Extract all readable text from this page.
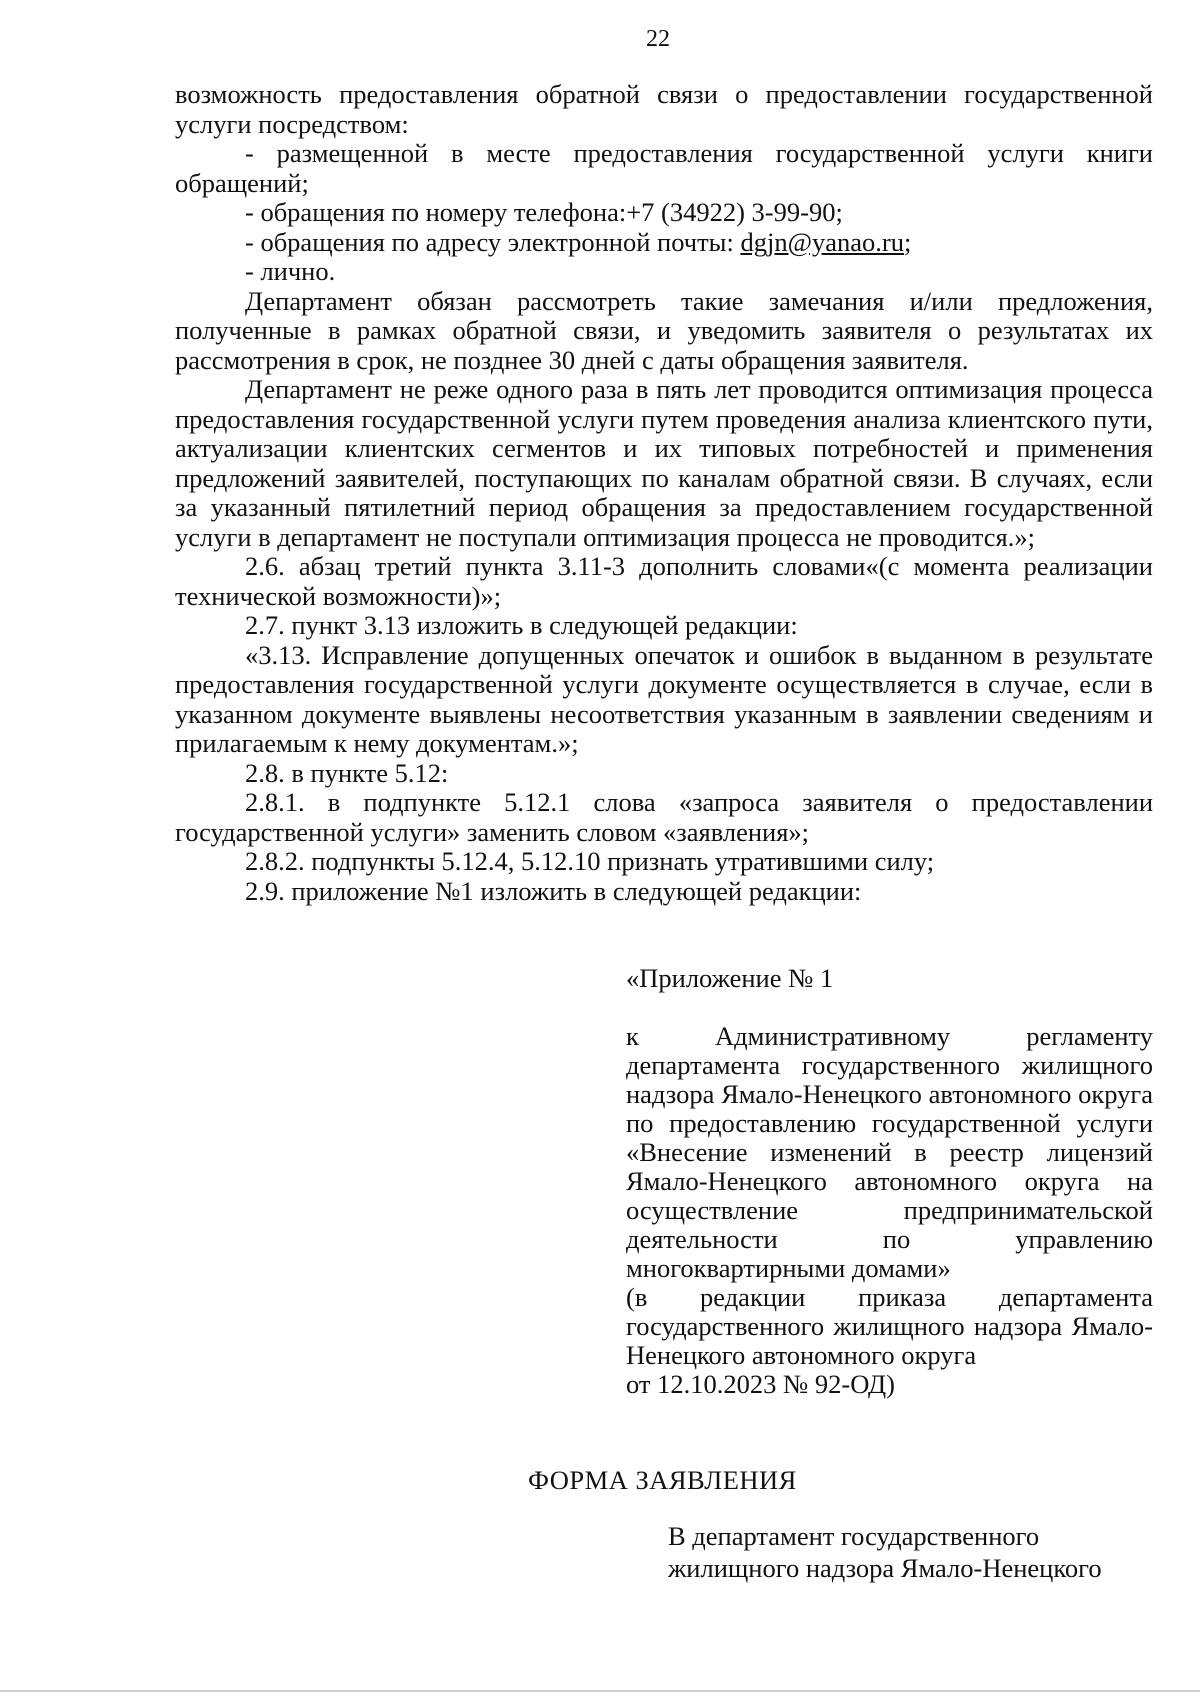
22

возможность предоставления обратной связи о предоставлении государственной услуги посредством:

- размещенной в месте предоставления государственной услуги книги обращений;

- обращения по номеру телефона:+7 (34922) 3-99-90;

- обращения по адресу электронной почты: dgjn@yanao.ru;

- лично.

Департамент обязан рассмотреть такие замечания и/или предложения, полученные в рамках обратной связи, и уведомить заявителя о результатах их рассмотрения в срок, не позднее 30 дней с даты обращения заявителя.

Департамент не реже одного раза в пять лет проводится оптимизация процесса предоставления государственной услуги путем проведения анализа клиентского пути, актуализации клиентских сегментов и их типовых потребностей и применения предложений заявителей, поступающих по каналам обратной связи. В случаях, если за указанный пятилетний период обращения за предоставлением государственной услуги в департамент не поступали оптимизация процесса не проводится.»;

2.6. абзац третий пункта 3.11-3 дополнить словами«(с момента реализации технической возможности)»;

2.7. пункт 3.13 изложить в следующей редакции:

«3.13. Исправление допущенных опечаток и ошибок в выданном в результате предоставления государственной услуги документе осуществляется в случае, если в указанном документе выявлены несоответствия указанным в заявлении сведениям и прилагаемым к нему документам.»;

2.8. в пункте 5.12:

2.8.1. в подпункте 5.12.1 слова «запроса заявителя о предоставлении государственной услуги» заменить словом «заявления»;

2.8.2. подпункты 5.12.4, 5.12.10 признать утратившими силу;

2.9. приложение №1 изложить в следующей редакции:

«Приложение № 1

к Административному регламенту департамента государственного жилищного надзора Ямало-Ненецкого автономного округа по предоставлению государственной услуги «Внесение изменений в реестр лицензий Ямало-Ненецкого автономного округа на осуществление предпринимательской деятельности по управлению многоквартирными домами»

(в редакции приказа департамента государственного жилищного надзора Ямало-Ненецкого автономного округа

от 12.10.2023 № 92-ОД)

ФОРМА ЗАЯВЛЕНИЯ
В департамент государственного
жилищного надзора Ямало-Ненецкого
